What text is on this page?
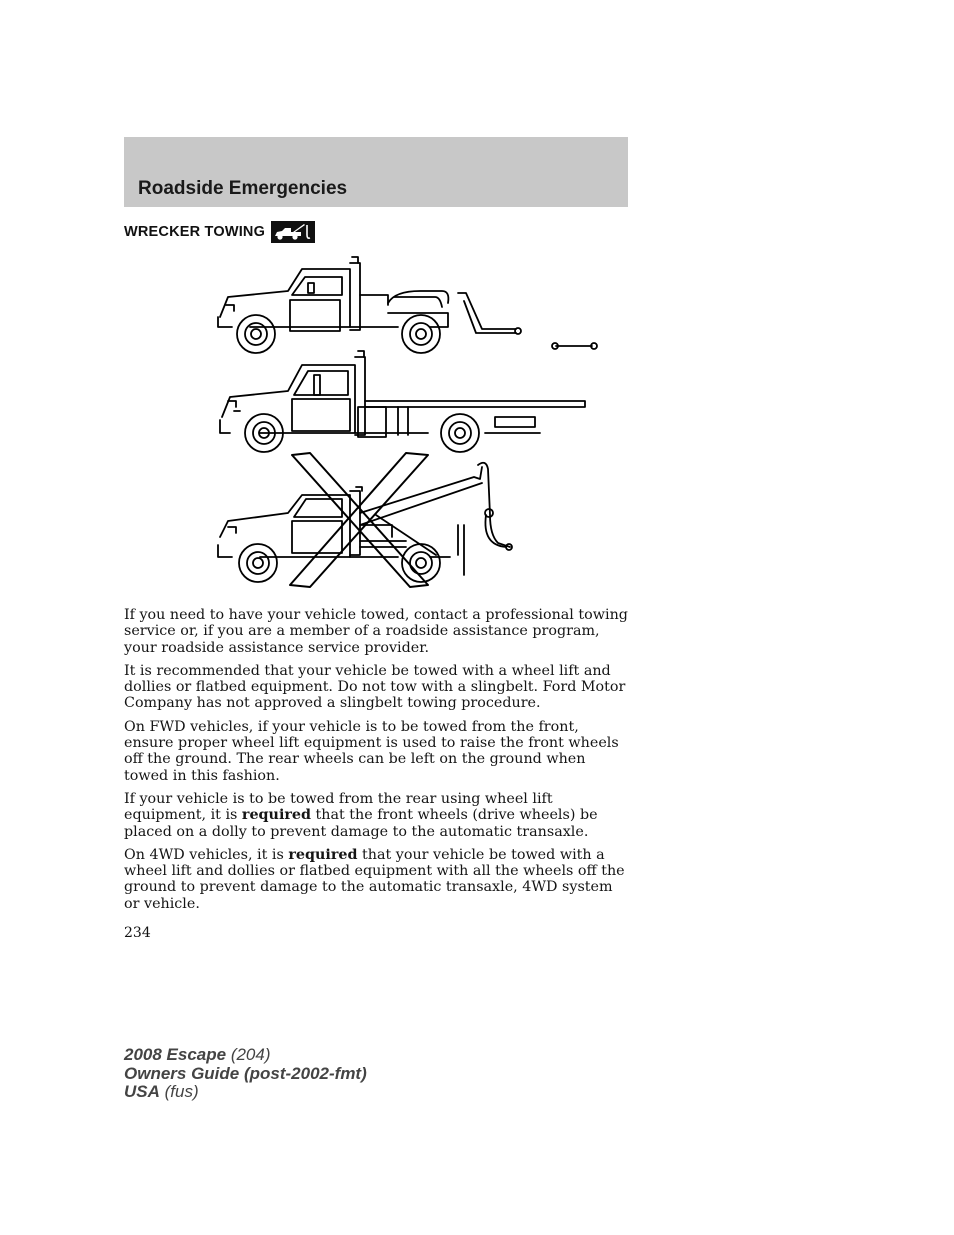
Roadside Emergencies
WRECKER TOWING

If you need to have your vehicle towed, contact a professional towing service or, if you are a member of a roadside assistance program, your roadside assistance service provider.

It is recommended that your vehicle be towed with a wheel lift and dollies or flatbed equipment. Do not tow with a slingbelt. Ford Motor Company has not approved a slingbelt towing procedure.

On FWD vehicles, if your vehicle is to be towed from the front, ensure proper wheel lift equipment is used to raise the front wheels off the ground. The rear wheels can be left on the ground when towed in this fashion.

If your vehicle is to be towed from the rear using wheel lift equipment, it is required that the front wheels (drive wheels) be placed on a dolly to prevent damage to the automatic transaxle.

On 4WD vehicles, it is required that your vehicle be towed with a wheel lift and dollies or flatbed equipment with all the wheels off the ground to prevent damage to the automatic transaxle, 4WD system or vehicle.

234
2008 Escape (204)
Owners Guide (post-2002-fmt)
USA (fus)
